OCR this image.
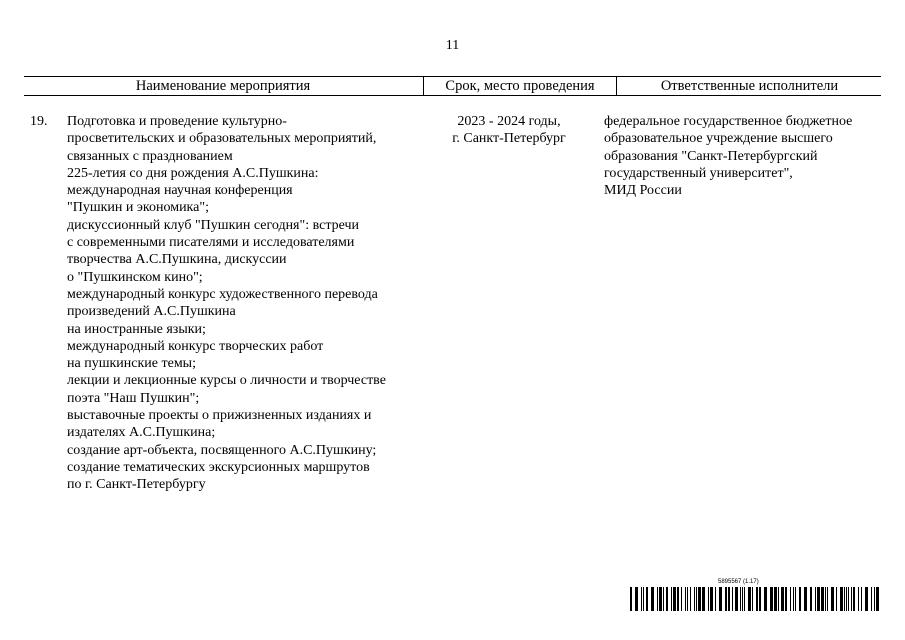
11
Наименование мероприятия	Срок, место проведения	Ответственные исполнители
19. Подготовка и проведение культурно-
просветительских и образовательных мероприятий,
связанных с празднованием
225-летия со дня рождения А.С.Пушкина:
международная научная конференция
"Пушкин и экономика";
дискуссионный клуб "Пушкин сегодня": встречи
с современными писателями и исследователями
творчества А.С.Пушкина, дискуссии
о "Пушкинском кино";
международный конкурс художественного перевода
произведений А.С.Пушкина
на иностранные языки;
международный конкурс творческих работ
на пушкинские темы;
лекции и лекционные курсы о личности и творчестве
поэта "Наш Пушкин";
выставочные проекты о прижизненных изданиях и
издателях А.С.Пушкина;
создание арт-объекта, посвященного А.С.Пушкину;
создание тематических экскурсионных маршрутов
по г. Санкт-Петербургу
2023 - 2024 годы,
г. Санкт-Петербург
федеральное государственное бюджетное
образовательное учреждение высшего
образования "Санкт-Петербургский
государственный университет",
МИД России
5895567 (1.17)
